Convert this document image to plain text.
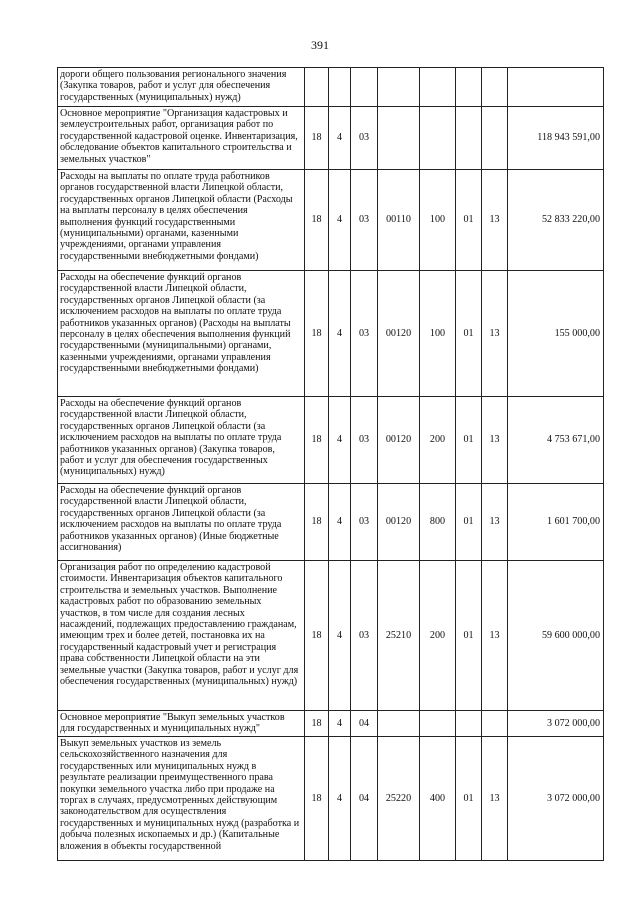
391
дороги общего пользования регионального значения (Закупка товаров, работ и услуг для обеспечения государственных (муниципальных) нужд)								
Основное мероприятие "Организация кадастровых и землеустроительных работ, организация работ по государственной кадастровой оценке. Инвентаризация, обследование объектов капитального строительства и земельных участков"	18	4	03					118 943 591,00
Расходы на выплаты по оплате труда работников органов государственной власти Липецкой области, государственных органов Липецкой области (Расходы на выплаты персоналу в целях обеспечения выполнения функций государственными (муниципальными) органами, казенными учреждениями, органами управления государственными внебюджетными фондами)	18	4	03	00110	100	01	13	52 833 220,00
Расходы на обеспечение функций органов государственной власти Липецкой области, государственных органов Липецкой области (за исключением расходов на выплаты по оплате труда работников указанных органов) (Расходы на выплаты персоналу в целях обеспечения выполнения функций государственными (муниципальными) органами, казенными учреждениями, органами управления государственными внебюджетными фондами)	18	4	03	00120	100	01	13	155 000,00
Расходы на обеспечение функций органов государственной власти Липецкой области, государственных органов Липецкой области (за исключением расходов на выплаты по оплате труда работников указанных органов) (Закупка товаров, работ и услуг для обеспечения государственных (муниципальных) нужд)	18	4	03	00120	200	01	13	4 753 671,00
Расходы на обеспечение функций органов государственной власти Липецкой области, государственных органов Липецкой области (за исключением расходов на выплаты по оплате труда работников указанных органов) (Иные бюджетные ассигнования)	18	4	03	00120	800	01	13	1 601 700,00
Организация работ по определению кадастровой стоимости. Инвентаризация объектов капитального строительства и земельных участков. Выполнение кадастровых работ по образованию земельных участков, в том числе для создания лесных насаждений, подлежащих предоставлению гражданам, имеющим трех и более детей, постановка их на государственный кадастровый учет и регистрация права собственности Липецкой области на эти земельные участки (Закупка товаров, работ и услуг для обеспечения государственных (муниципальных) нужд)	18	4	03	25210	200	01	13	59 600 000,00
Основное мероприятие "Выкуп земельных участков для государственных и муниципальных нужд"	18	4	04					3 072 000,00
Выкуп земельных участков из земель сельскохозяйственного назначения для государственных или муниципальных нужд в результате реализации преимущественного права покупки земельного участка либо при продаже на торгах в случаях, предусмотренных действующим законодательством для осуществления государственных и муниципальных нужд (разработка и добыча полезных ископаемых и др.) (Капитальные вложения в объекты государственной	18	4	04	25220	400	01	13	3 072 000,00
